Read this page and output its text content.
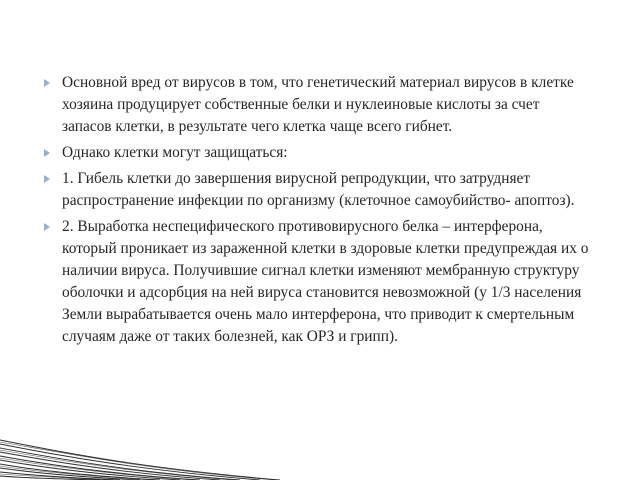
Основной вред от вирусов в том, что генетический материал вирусов в клетке хозяина продуцирует собственные белки и нуклеиновые кислоты за счет запасов клетки, в результате чего клетка чаще всего гибнет.
Однако клетки могут защищаться:
1. Гибель клетки до завершения вирусной репродукции, что затрудняет распространение инфекции по организму (клеточное самоубийство- апоптоз).
2. Выработка неспецифического противовирусного белка – интерферона, который проникает из зараженной клетки в здоровые клетки предупреждая их о наличии вируса. Получившие сигнал клетки изменяют мембранную структуру оболочки и адсорбция на ней вируса становится невозможной (у 1/3 населения Земли вырабатывается очень мало интерферона, что приводит к смертельным случаям даже от таких болезней, как ОРЗ и грипп).
